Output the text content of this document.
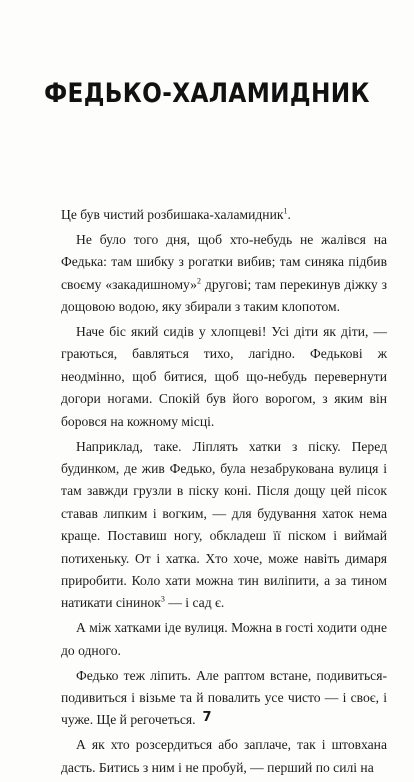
ФЕДЬКО-ХАЛАМИДНИК

Це був чистий розбишака-халамидник$^1$.

Не було того дня, щоб хто-небудь не жалівся на Федька: там шибку з рогатки вибив; там синяка підбив своєму «закадишному»$^2$ другові; там перекинув діжку з дощовою водою, яку збирали з таким клопотом.

Наче біс який сидів у хлопцеві! Усі діти як діти, — граються, бавляться тихо, лагідно. Федькові ж неодмінно, щоб битися, щоб що-небудь перевернути догори ногами. Спокій був його ворогом, з яким він боровся на кожному місці.

Наприклад, таке. Ліплять хатки з піску. Перед будинком, де жив Федько, була незабрукована вулиця і там завжди грузли в піску коні. Після дощу цей пісок ставав липким і вогким, — для будування хаток нема краще. Поставиш ногу, обкладеш її піском і виймай потихеньку. От і хатка. Хто хоче, може навіть димаря приробити. Коло хати можна тин виліпити, а за тином натикати сінинок$^3$ — і сад є.

А між хатками іде вулиця. Можна в гості ходити одне до одного.

Федько теж ліпить. Але раптом встане, подивиться-подивиться і візьме та й повалить усе чисто — і своє, і чуже. Ще й регочеться.

А як хто розсердиться або заплаче, так і штовхана дасть. Битись з ним і не пробуй, — перший по силі на

7
